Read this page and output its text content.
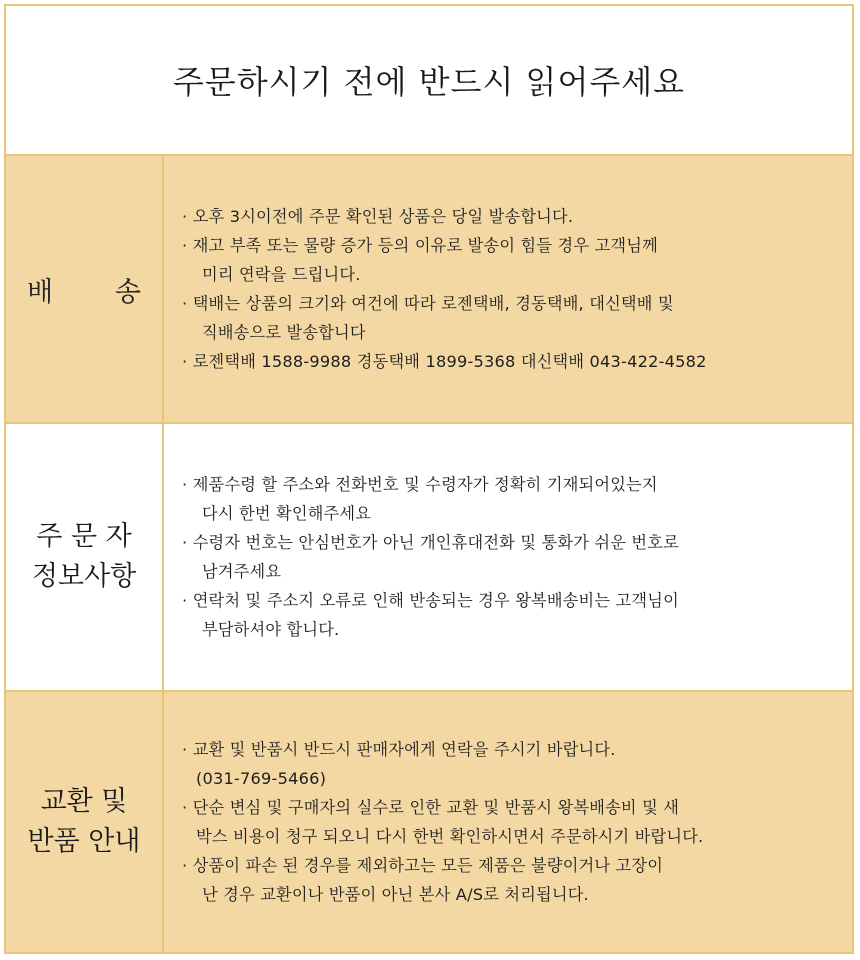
주문하시기 전에 반드시 읽어주세요
배 송
· 오후 3시이전에 주문 확인된 상품은 당일 발송합니다.
· 재고 부족 또는 물량 증가 등의 이유로 발송이 힘들 경우 고객님께
미리 연락을 드립니다.
· 택배는 상품의 크기와 여건에 따라 로젠택배, 경동택배, 대신택배 및
직배송으로 발송합니다
· 로젠택배 1588-9988 경동택배 1899-5368 대신택배 043-422-4582
주 문 자
정보사항
· 제품수령 할 주소와 전화번호 및 수령자가 정확히 기재되어있는지
다시 한번 확인해주세요
· 수령자 번호는 안심번호가 아닌 개인휴대전화 및 통화가 쉬운 번호로
남겨주세요
· 연락처 및 주소지 오류로 인해 반송되는 경우 왕복배송비는 고객님이
부담하셔야 합니다.
교환 및
반품 안내
· 교환 및 반품시 반드시 판매자에게 연락을 주시기 바랍니다.
(031-769-5466)
· 단순 변심 및 구매자의 실수로 인한 교환 및 반품시 왕복배송비 및 새
박스 비용이 청구 되오니 다시 한번 확인하시면서 주문하시기 바랍니다.
· 상품이 파손 된 경우를 제외하고는 모든 제품은 불량이거나 고장이
난 경우 교환이나 반품이 아닌 본사 A/S로 처리됩니다.
